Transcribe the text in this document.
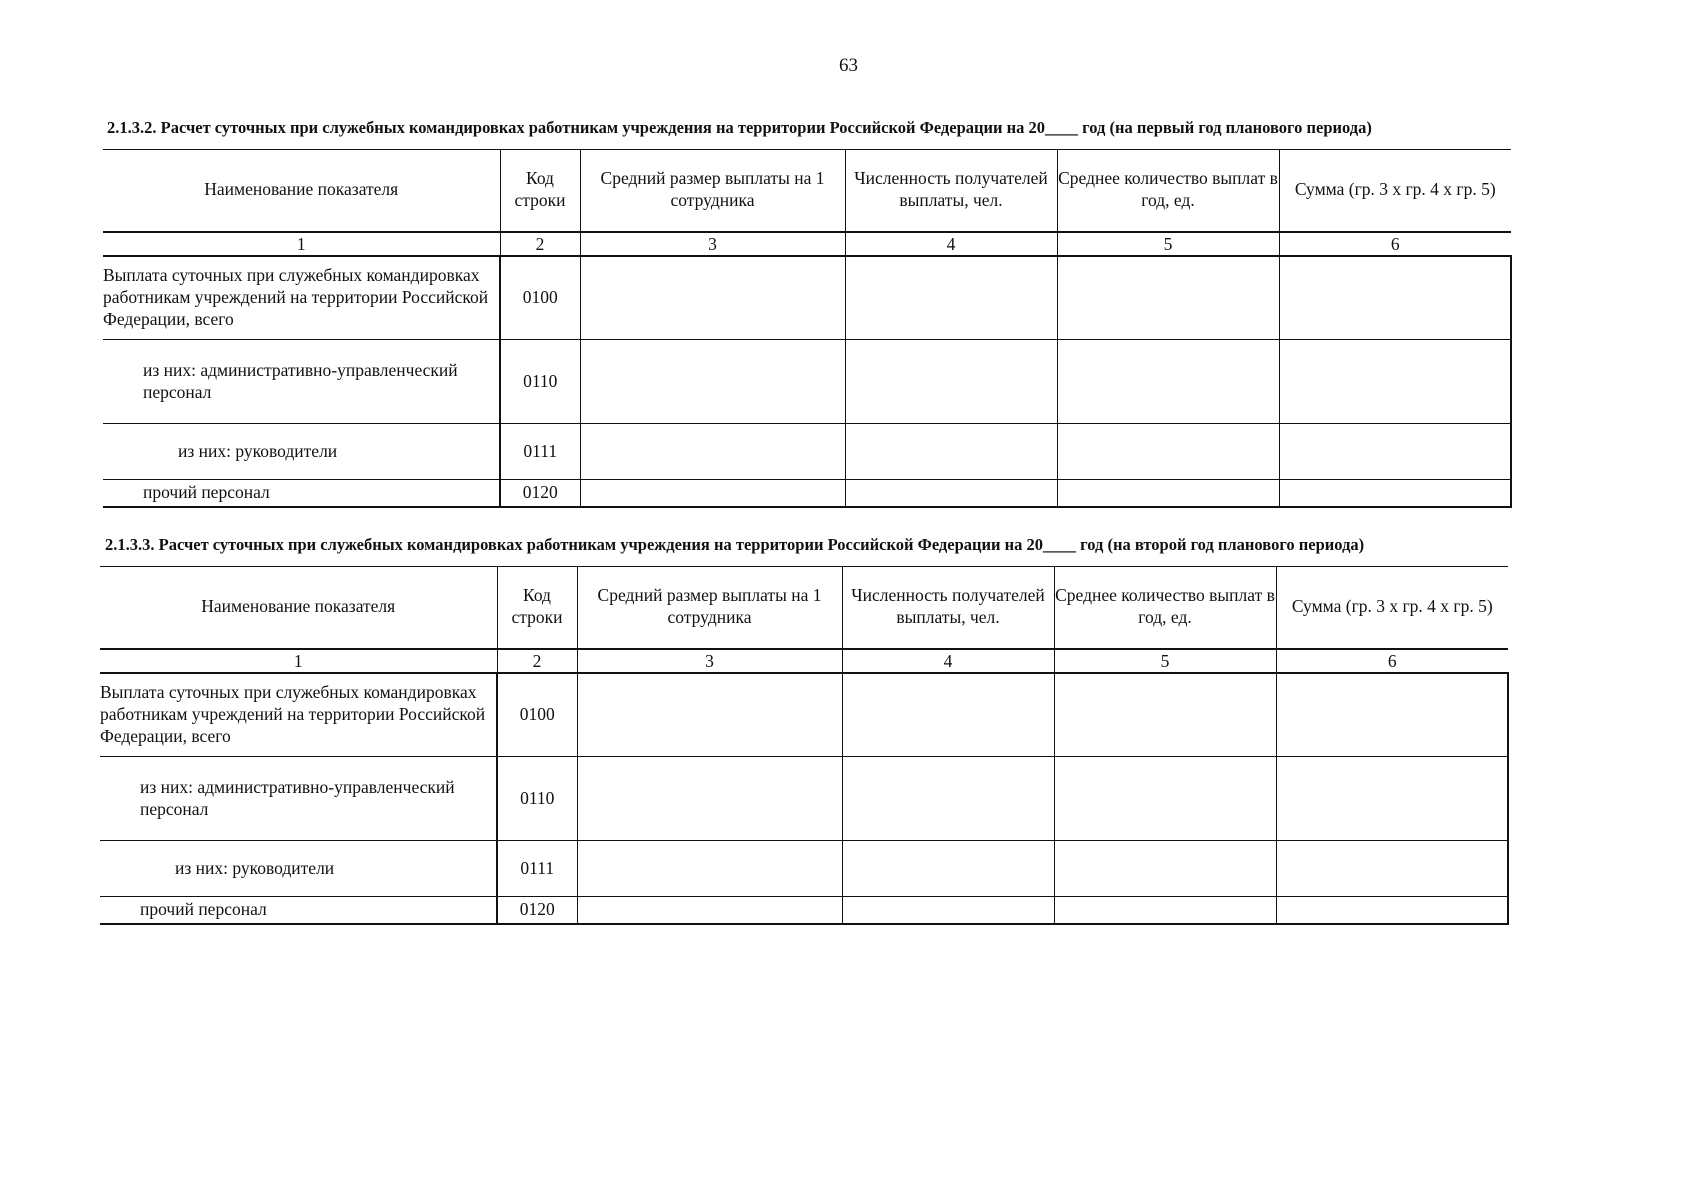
63
2.1.3.2. Расчет суточных при служебных командировках работникам учреждения на территории Российской Федерации на 20____ год (на первый год планового периода)
Наименование показателя	Код строки	Средний размер выплаты на 1 сотрудника	Численность получателей выплаты, чел.	Среднее количество выплат в год, ед.	Сумма (гр. 3 х гр. 4 х гр. 5)
1	2	3	4	5	6
Выплата суточных при служебных командировках работникам учреждений на территории Российской Федерации, всего	0100				
из них: административно-управленческий персонал	0110				
из них: руководители	0111				
прочий персонал	0120				
2.1.3.3. Расчет суточных при служебных командировках работникам учреждения на территории Российской Федерации на 20____ год (на второй год планового периода)
Наименование показателя	Код строки	Средний размер выплаты на 1 сотрудника	Численность получателей выплаты, чел.	Среднее количество выплат в год, ед.	Сумма (гр. 3 х гр. 4 х гр. 5)
1	2	3	4	5	6
Выплата суточных при служебных командировках работникам учреждений на территории Российской Федерации, всего	0100				
из них: административно-управленческий персонал	0110				
из них: руководители	0111				
прочий персонал	0120				
